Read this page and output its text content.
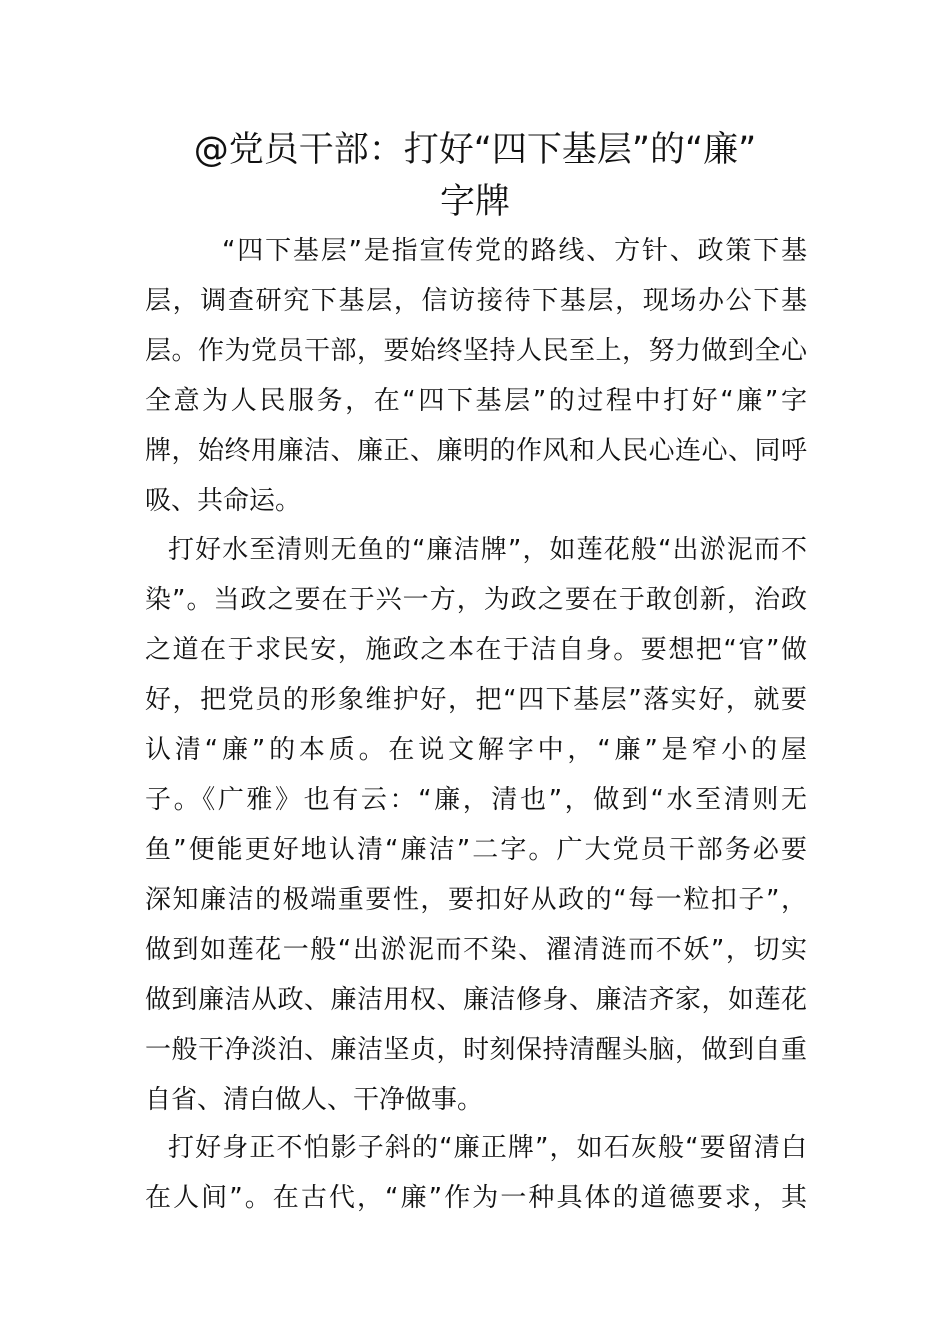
@党员干部：打好“四下基层”的“廉”
字牌
“四下基层”是指宣传党的路线、方针、政策下基
层，调查研究下基层，信访接待下基层，现场办公下基
层。作为党员干部，要始终坚持人民至上，努力做到全心
全意为人民服务，在“四下基层”的过程中打好“廉”字
牌，始终用廉洁、廉正、廉明的作风和人民心连心、同呼
吸、共命运。
打好水至清则无鱼的“廉洁牌”，如莲花般“出淤泥而不
染”。当政之要在于兴一方，为政之要在于敢创新，治政
之道在于求民安，施政之本在于洁自身。要想把“官”做
好，把党员的形象维护好，把“四下基层”落实好，就要
认清“廉”的本质。在说文解字中，“廉”是窄小的屋
子。《广雅》也有云：“廉，清也”，做到“水至清则无
鱼”便能更好地认清“廉洁”二字。广大党员干部务必要
深知廉洁的极端重要性，要扣好从政的“每一粒扣子”，
做到如莲花一般“出淤泥而不染、濯清涟而不妖”，切实
做到廉洁从政、廉洁用权、廉洁修身、廉洁齐家，如莲花
一般干净淡泊、廉洁坚贞，时刻保持清醒头脑，做到自重
自省、清白做人、干净做事。
打好身正不怕影子斜的“廉正牌”，如石灰般“要留清白
在人间”。在古代，“廉”作为一种具体的道德要求，其
